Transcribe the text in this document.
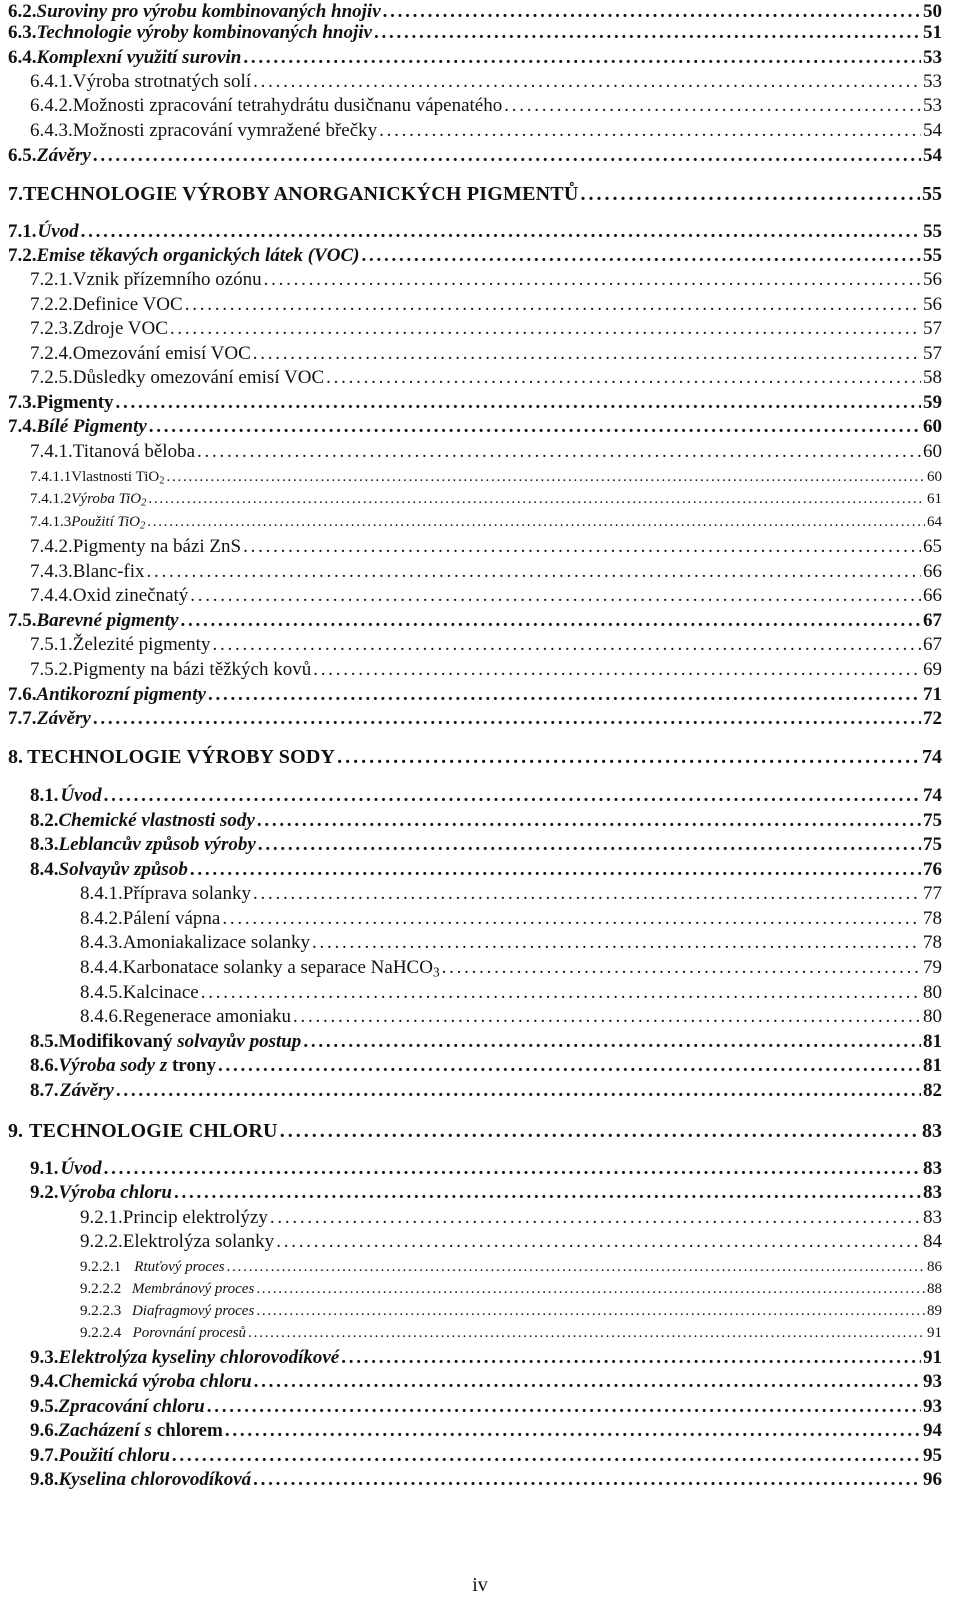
6.2. Suroviny pro výrobu kombinovaných hnojiv . . .	50
6.3. Technologie výroby kombinovaných hnojiv . . .	51
6.4. Komplexní využití surovin . . .	53
6.4.1. Výroba strotnatých solí . . .	53
6.4.2. Možnosti zpracování tetrahydrátu dusičnanu vápenatého . . .	53
6.4.3. Možnosti zpracování vymražené břečky . . .	54
6.5. Závěry . . .	54
7. TECHNOLOGIE VÝROBY ANORGANICKÝCH PIGMENTŮ . . .	55
7.1. Úvod . . .	55
7.2. Emise těkavých organických látek (VOC) . . .	55
7.2.1. Vznik přízemního ozónu . . .	56
7.2.2. Definice VOC . . .	56
7.2.3. Zdroje VOC . . .	57
7.2.4. Omezování emisí VOC . . .	57
7.2.5. Důsledky omezování emisí VOC . . .	58
7.3. Pigmenty . . .	59
7.4. Bílé Pigmenty . . .	60
7.4.1. Titanová běloba . . .	60
7.4.1.1 Vlastnosti TiO$_2$ . . .	60
7.4.1.2 Výroba TiO$_2$ . . .	61
7.4.1.3 Použití TiO$_2$ . . .	64
7.4.2. Pigmenty na bázi ZnS . . .	65
7.4.3. Blanc-fix . . .	66
7.4.4. Oxid zinečnatý . . .	66
7.5. Barevné pigmenty . . .	67
7.5.1. Železité pigmenty . . .	67
7.5.2. Pigmenty na bázi těžkých kovů . . .	69
7.6. Antikorozní pigmenty . . .	71
7.7. Závěry . . .	72
8. TECHNOLOGIE VÝROBY SODY . . .	74
8.1. Úvod . . .	74
8.2. Chemické vlastnosti sody . . .	75
8.3. Leblancův způsob výroby . . .	75
8.4. Solvayův způsob . . .	76
8.4.1. Příprava solanky . . .	77
8.4.2. Pálení vápna . . .	78
8.4.3. Amoniakalizace solanky . . .	78
8.4.4. Karbonatace solanky a separace NaHCO$_3$ . . .	79
8.4.5. Kalcinace . . .	80
8.4.6. Regenerace amoniaku . . .	80
8.5. Modifikovaný solvayův postup . . .	81
8.6. Výroba sody z trony . . .	81
8.7. Závěry . . .	82
9. TECHNOLOGIE CHLORU . . .	83
9.1. Úvod . . .	83
9.2. Výroba chloru . . .	83
9.2.1. Princip elektrolýzy . . .	83
9.2.2. Elektrolýza solanky . . .	84
9.2.2.1 Rtuťový proces . . .	86
9.2.2.2 Membránový proces . . .	88
9.2.2.3 Diafragmový proces . . .	89
9.2.2.4 Porovnání procesů . . .	91
9.3. Elektrolýza kyseliny chlorovodíkové . . .	91
9.4. Chemická výroba chloru . . .	93
9.5. Zpracování chloru . . .	93
9.6. Zacházení s chlorem . . .	94
9.7. Použití chloru . . .	95
9.8. Kyselina chlorovodíková . . .	96
iv
